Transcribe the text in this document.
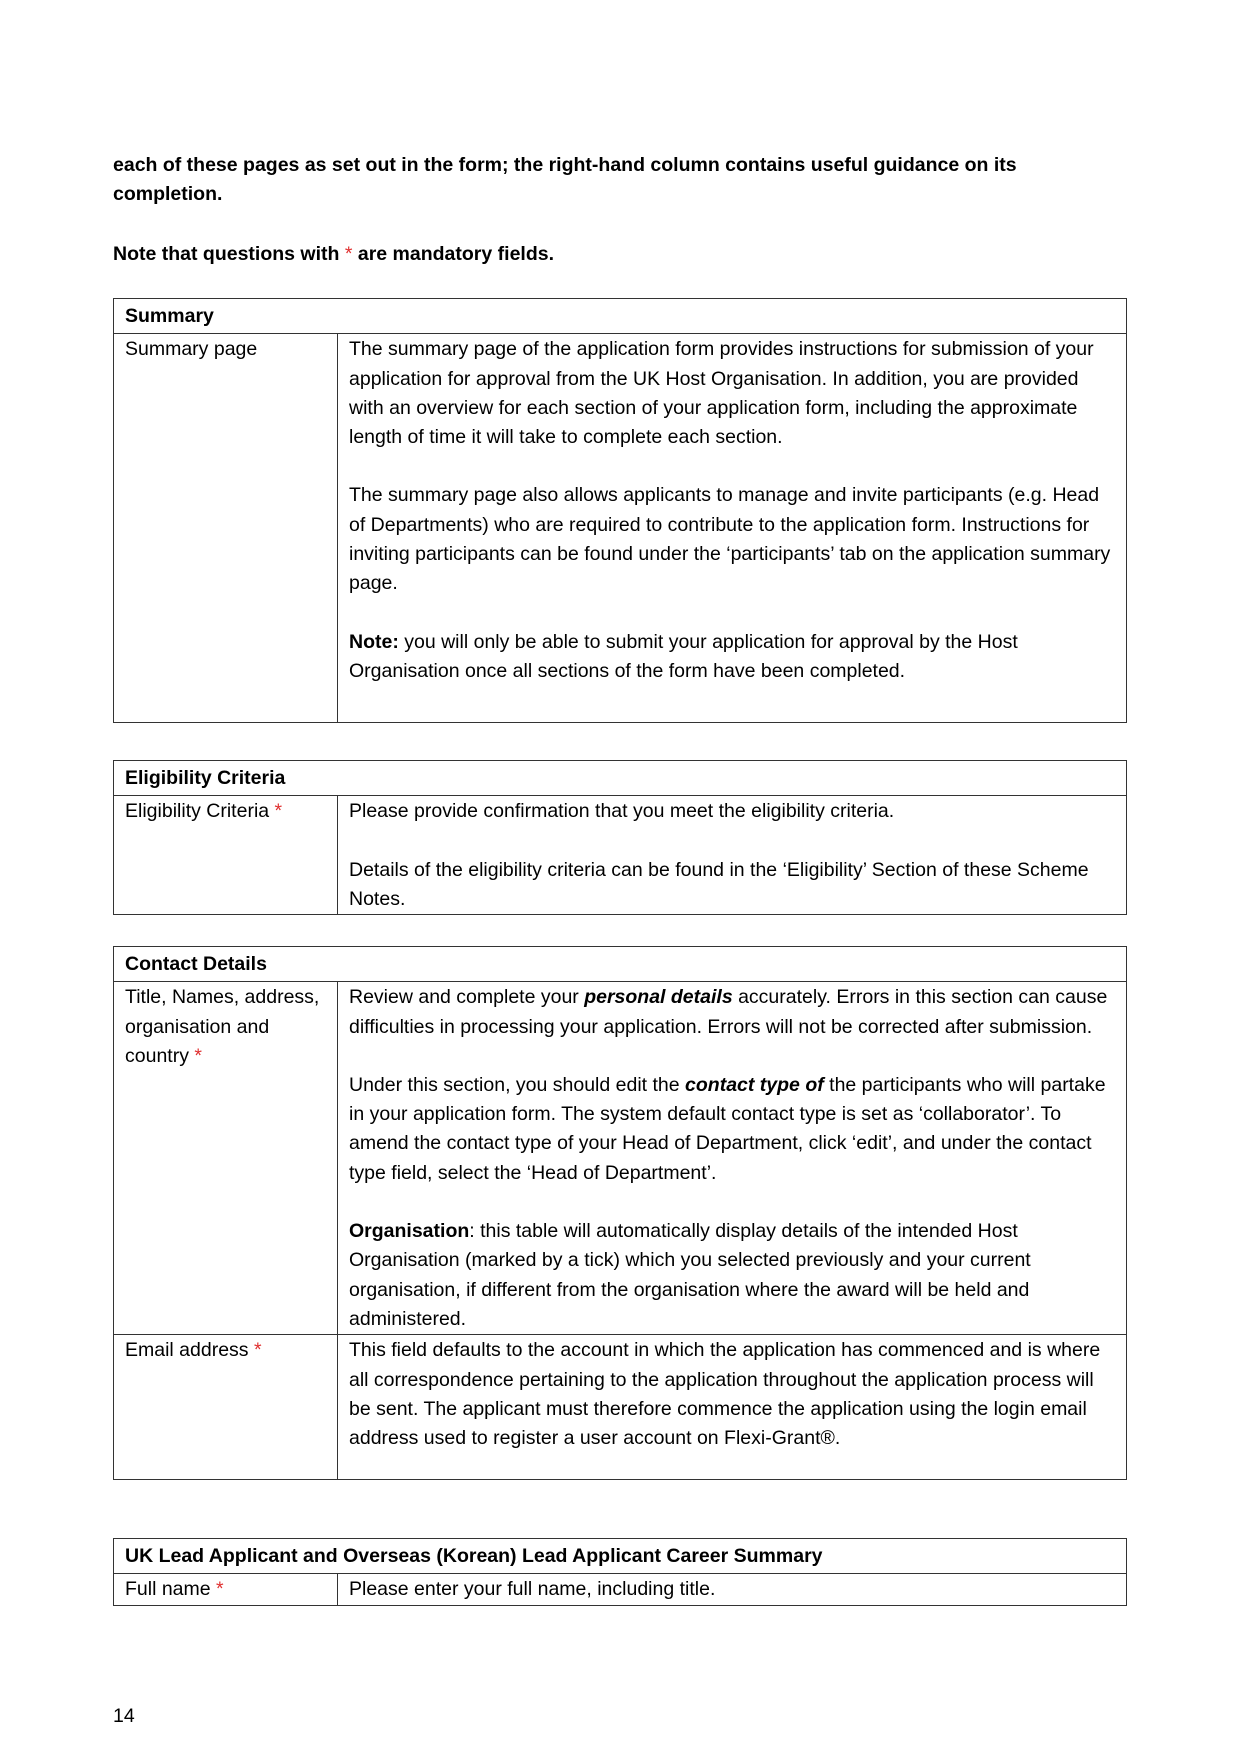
each of these pages as set out in the form; the right-hand column contains useful guidance on its completion.

Note that questions with * are mandatory fields.

Summary
Summary page	The summary page of the application form provides instructions for submission of your application for approval from the UK Host Organisation. In addition, you are provided with an overview for each section of your application form, including the approximate length of time it will take to complete each section.

The summary page also allows applicants to manage and invite participants (e.g. Head of Departments) who are required to contribute to the application form. Instructions for inviting participants can be found under the ‘participants’ tab on the application summary page.

Note: you will only be able to submit your application for approval by the Host Organisation once all sections of the form have been completed.

Eligibility Criteria
Eligibility Criteria *	Please provide confirmation that you meet the eligibility criteria.

Details of the eligibility criteria can be found in the ‘Eligibility’ Section of these Scheme Notes.

Contact Details	
Title, Names, address, organisation and country *	Review and complete your personal details accurately. Errors in this section can cause difficulties in processing your application. Errors will not be corrected after submission.

Under this section, you should edit the contact type of the participants who will partake in your application form. The system default contact type is set as ‘collaborator’. To amend the contact type of your Head of Department, click ‘edit’, and under the contact type field, select the ‘Head of Department’.

Organisation: this table will automatically display details of the intended Host Organisation (marked by a tick) which you selected previously and your current organisation, if different from the organisation where the award will be held and administered.

Email address *	This field defaults to the account in which the application has commenced and is where all correspondence pertaining to the application throughout the application process will be sent. The applicant must therefore commence the application using the login email address used to register a user account on Flexi-Grant®.

UK Lead Applicant and Overseas (Korean) Lead Applicant Career Summary
Full name *	Please enter your full name, including title.

14
